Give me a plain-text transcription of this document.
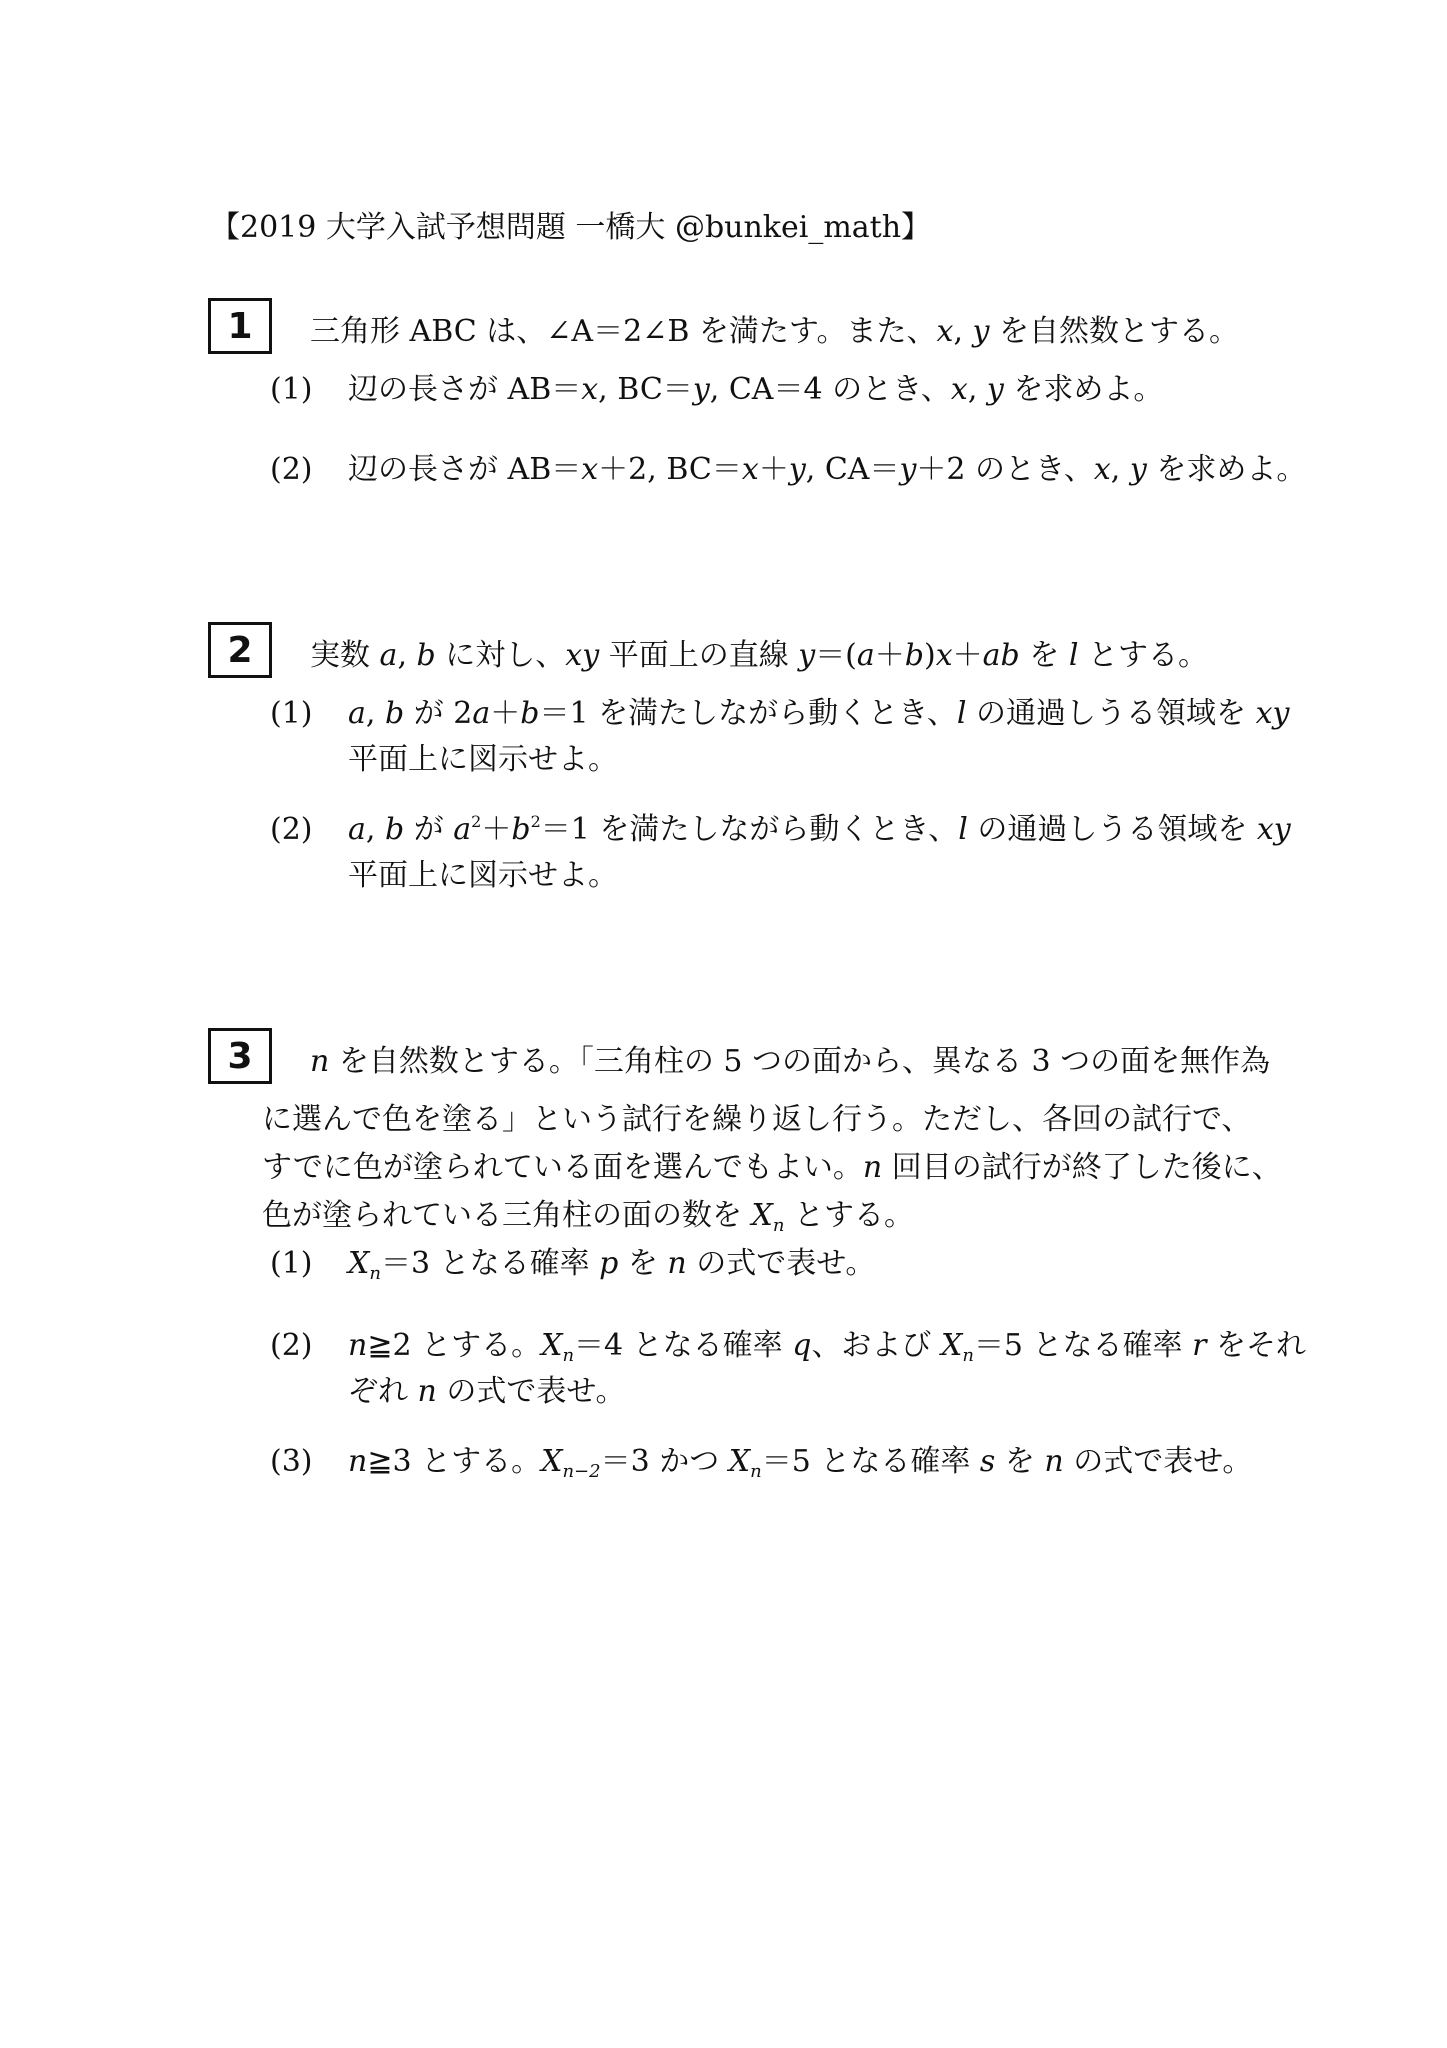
【2019 大学入試予想問題 一橋大 @bunkei_math】
1	三角形 ABC は、∠A＝2∠B を満たす。また、x, y を自然数とする。
(1)	辺の長さが AB＝x, BC＝y, CA＝4 のとき、x, y を求めよ。
(2)	辺の長さが AB＝x＋2, BC＝x＋y, CA＝y＋2 のとき、x, y を求めよ。
2	実数 a, b に対し、xy 平面上の直線 y＝(a＋b)x＋ab を l とする。
(1)	a, b が 2a＋b＝1 を満たしながら動くとき、l の通過しうる領域を xy
平面上に図示せよ。
(2)	a, b が $a^2+b^2=1$ を満たしながら動くとき、l の通過しうる領域を xy
平面上に図示せよ。
3	n を自然数とする。「三角柱の 5 つの面から、異なる 3 つの面を無作為
に選んで色を塗る」という試行を繰り返し行う。ただし、各回の試行で、
すでに色が塗られている面を選んでもよい。n 回目の試行が終了した後に、
色が塗られている三角柱の面の数を $X_n$ とする。
(1)	$X_n=3$ となる確率 p を n の式で表せ。
(2)	n≧2 とする。$X_n=4$ となる確率 q、および $X_n=5$ となる確率 r をそれ
ぞれ n の式で表せ。
(3)	n≧3 とする。$X_{n-2}=3$ かつ $X_n=5$ となる確率 s を n の式で表せ。
